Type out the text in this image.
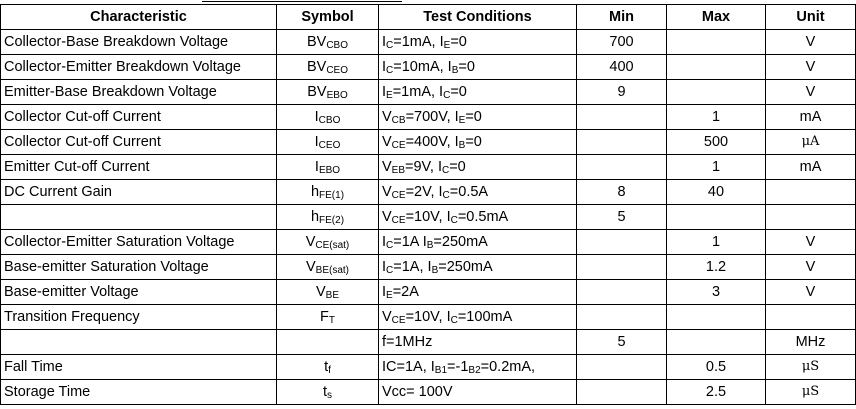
Characteristic	Symbol	Test Conditions	Min	Max	Unit
Collector-Base Breakdown Voltage	$BV_{CBO}$	$I_C=1mA$, $I_E=0$	700		V
Collector-Emitter Breakdown Voltage	$BV_{CEO}$	$I_C=10mA$, $I_B=0$	400		V
Emitter-Base Breakdown Voltage	$BV_{EBO}$	$I_E=1mA$, $I_C=0$	9		V
Collector Cut-off Current	$I_{CBO}$	$V_{CB}=700V$, $I_E=0$		1	mA
Collector Cut-off Current	$I_{CEO}$	$V_{CE}=400V$, $I_B=0$		500	μA
Emitter Cut-off Current	$I_{EBO}$	$V_{EB}=9V$, $I_C=0$		1	mA
DC Current Gain	$h_{FE(1)}$	$V_{CE}=2V$, $I_C=0.5A$	8	40	
	$h_{FE(2)}$	$V_{CE}=10V$, $I_C=0.5mA$	5		
Collector-Emitter Saturation Voltage	$V_{CE(sat)}$	$I_C=1A$ $I_B=250mA$		1	V
Base-emitter Saturation Voltage	$V_{BE(sat)}$	$I_C=1A$, $I_B=250mA$		1.2	V
Base-emitter Voltage	$V_{BE}$	$I_E=2A$		3	V
Transition Frequency	$F_T$	$V_{CE}=10V$, $I_C=100mA$			
		f=1MHz	5		MHz
Fall Time	$t_f$	IC=1A, $I_{B1}=-1_{B2}=0.2mA$,		0.5	μS
Storage Time	$t_s$	Vcc= 100V		2.5	μS
